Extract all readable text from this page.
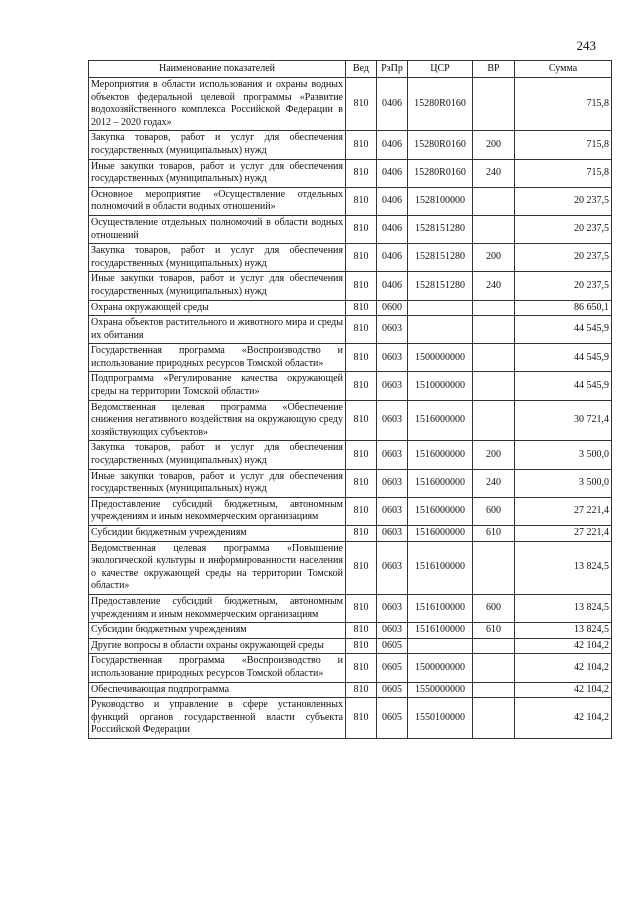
243
Наименование показателей	Вед	РзПр	ЦСР	ВР	Сумма
Мероприятия в области использования и охраны водных объектов федеральной целевой программы «Развитие водохозяйственного комплекса Российской Федерации в 2012 – 2020 годах»	810	0406	15280R0160		715,8
Закупка товаров, работ и услуг для обеспечения государственных (муниципальных) нужд	810	0406	15280R0160	200	715,8
Иные закупки товаров, работ и услуг для обеспечения государственных (муниципальных) нужд	810	0406	15280R0160	240	715,8
Основное мероприятие «Осуществление отдельных полномочий в области водных отношений»	810	0406	1528100000		20 237,5
Осуществление отдельных полномочий в области водных отношений	810	0406	1528151280		20 237,5
Закупка товаров, работ и услуг для обеспечения государственных (муниципальных) нужд	810	0406	1528151280	200	20 237,5
Иные закупки товаров, работ и услуг для обеспечения государственных (муниципальных) нужд	810	0406	1528151280	240	20 237,5
Охрана окружающей среды	810	0600			86 650,1
Охрана объектов растительного и животного мира и среды их обитания	810	0603			44 545,9
Государственная программа «Воспроизводство и использование природных ресурсов Томской области»	810	0603	1500000000		44 545,9
Подпрограмма «Регулирование качества окружающей среды на территории Томской области»	810	0603	1510000000		44 545,9
Ведомственная целевая программа «Обеспечение снижения негативного воздействия на окружающую среду хозяйствующих субъектов»	810	0603	1516000000		30 721,4
Закупка товаров, работ и услуг для обеспечения государственных (муниципальных) нужд	810	0603	1516000000	200	3 500,0
Иные закупки товаров, работ и услуг для обеспечения государственных (муниципальных) нужд	810	0603	1516000000	240	3 500,0
Предоставление субсидий бюджетным, автономным учреждениям и иным некоммерческим организациям	810	0603	1516000000	600	27 221,4
Субсидии бюджетным учреждениям	810	0603	1516000000	610	27 221,4
Ведомственная целевая программа «Повышение экологической культуры и информированности населения о качестве окружающей среды на территории Томской области»	810	0603	1516100000		13 824,5
Предоставление субсидий бюджетным, автономным учреждениям и иным некоммерческим организациям	810	0603	1516100000	600	13 824,5
Субсидии бюджетным учреждениям	810	0603	1516100000	610	13 824,5
Другие вопросы в области охраны окружающей среды	810	0605			42 104,2
Государственная программа «Воспроизводство и использование природных ресурсов Томской области»	810	0605	1500000000		42 104,2
Обеспечивающая подпрограмма	810	0605	1550000000		42 104,2
Руководство и управление в сфере установленных функций органов государственной власти субъекта Российской Федерации	810	0605	1550100000		42 104,2
